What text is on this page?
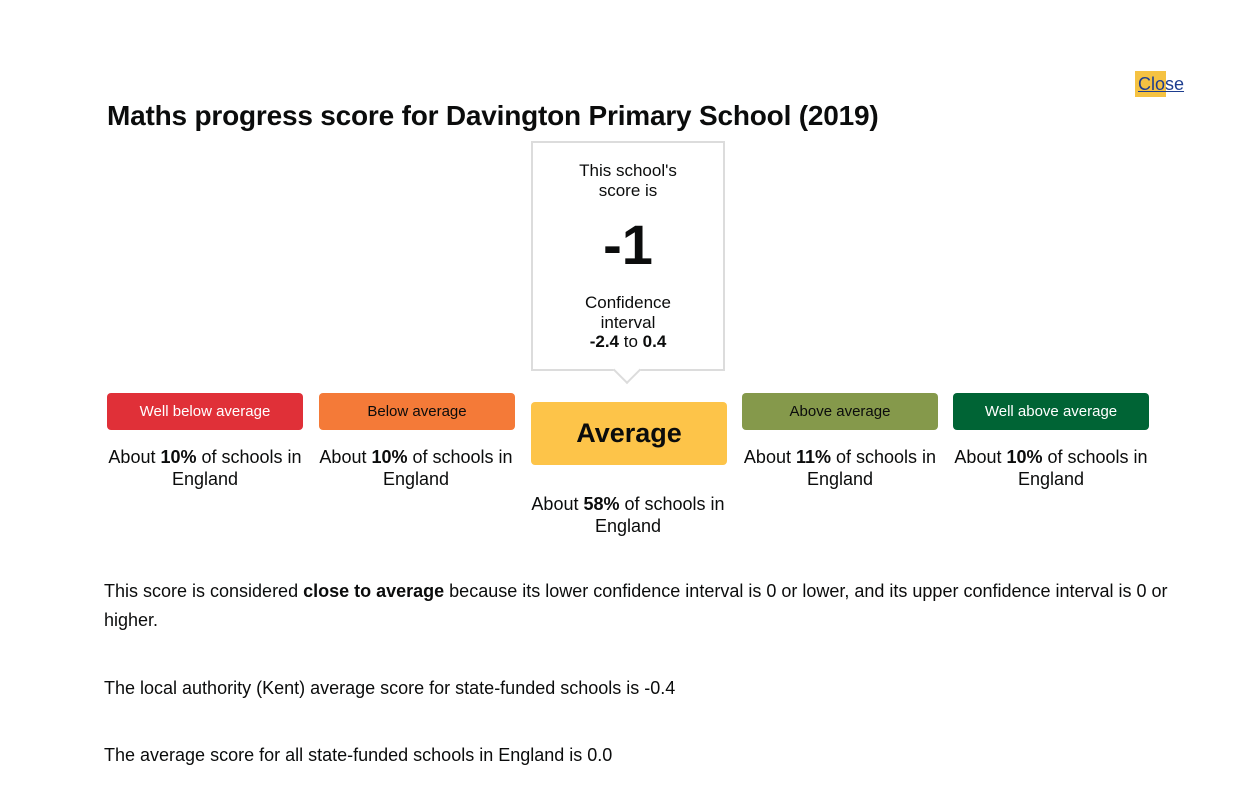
Close
Maths progress score for Davington Primary School (2019)
This school's score is
-1
Confidence interval
-2.4 to 0.4
Well below average	Below average
Average
Above average	Well above average
About 10% of schools in England
About 10% of schools in England
About 58% of schools in England
About 11% of schools in England
About 10% of schools in England

This score is considered close to average because its lower confidence interval is 0 or lower, and its upper confidence interval is 0 or higher.

The local authority (Kent) average score for state-funded schools is -0.4

The average score for all state-funded schools in England is 0.0
